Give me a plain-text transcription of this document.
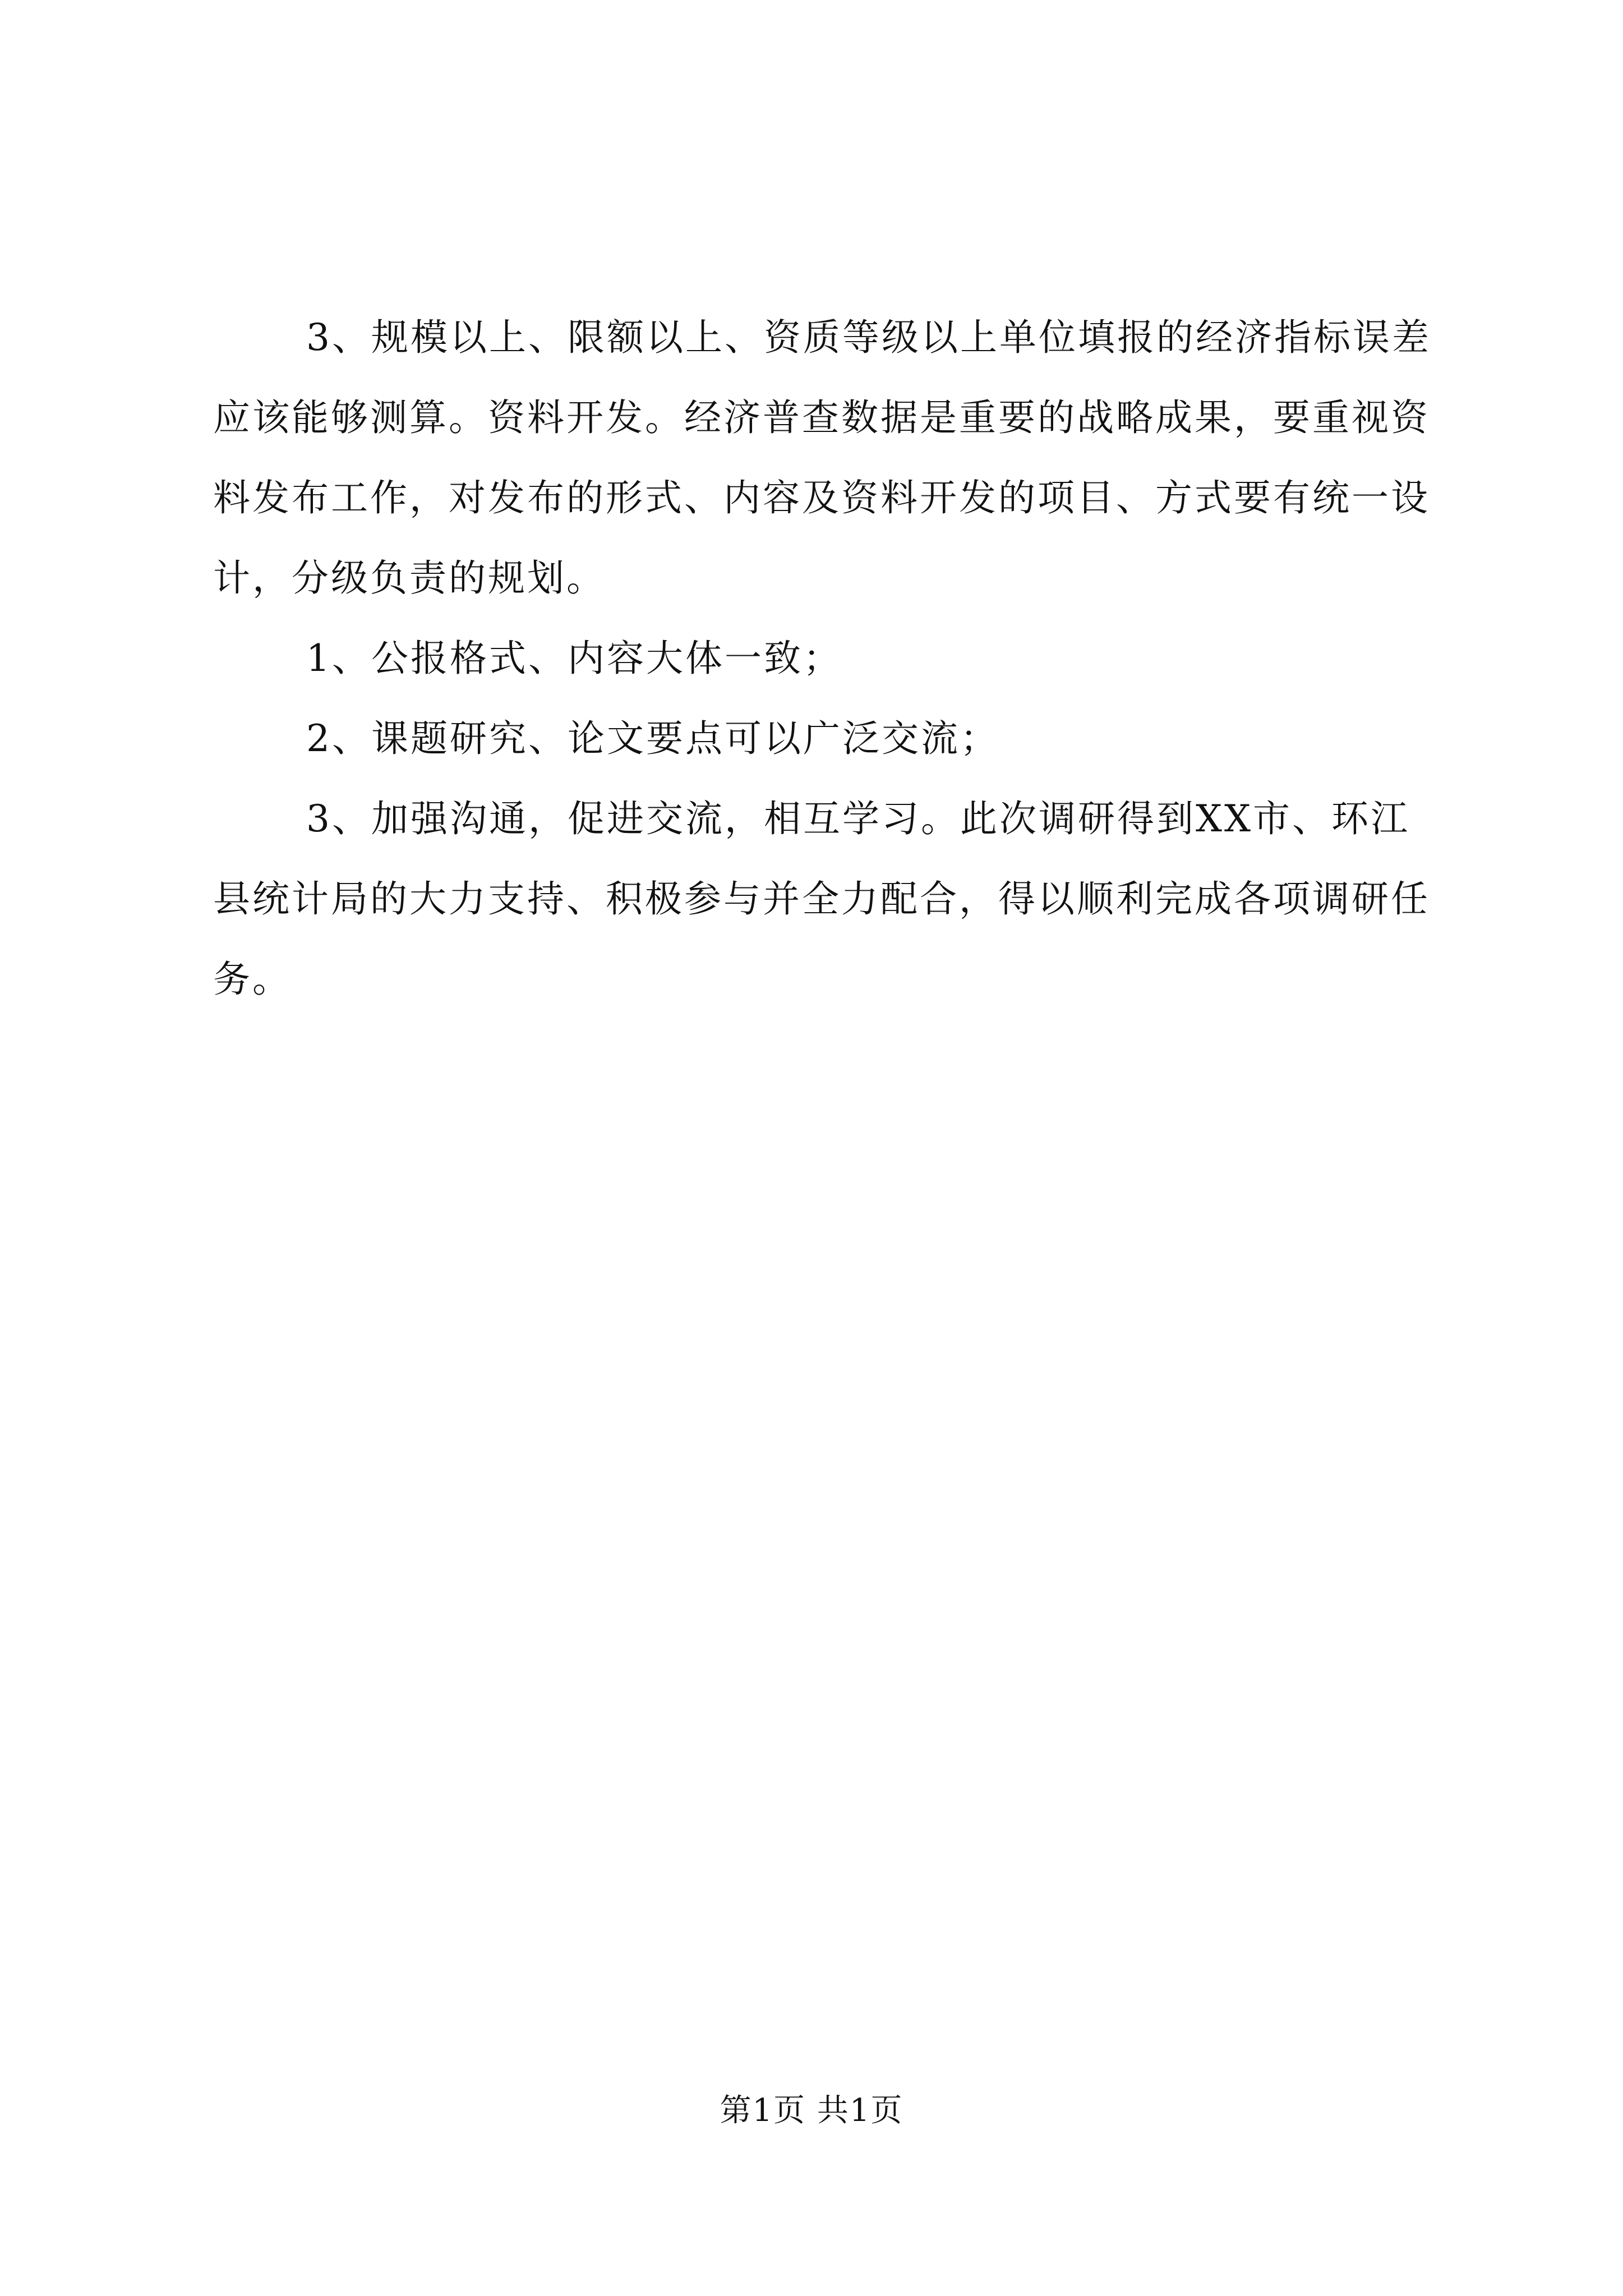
3、规模以上、限额以上、资质等级以上单位填报的经济指标误差应该能够测算。资料开发。经济普查数据是重要的战略成果，要重视资料发布工作，对发布的形式、内容及资料开发的项目、方式要有统一设计，分级负责的规划。

1、公报格式、内容大体一致；

2、课题研究、论文要点可以广泛交流；

3、加强沟通，促进交流，相互学习。此次调研得到XX市、环江县统计局的大力支持、积极参与并全力配合，得以顺利完成各项调研任务。

第1页 共1页
